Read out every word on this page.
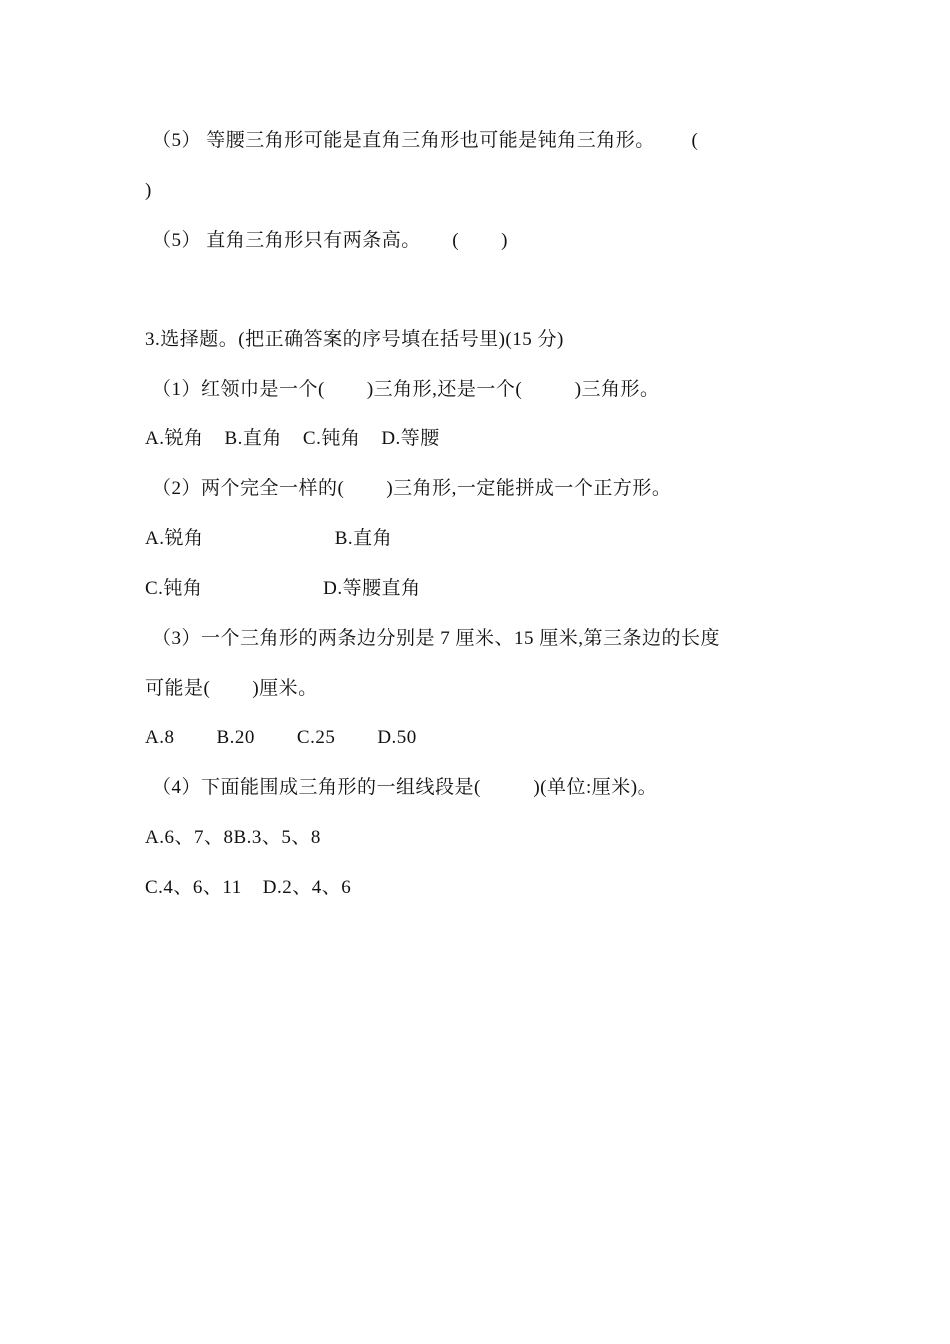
（5） 等腰三角形可能是直角三角形也可能是钝角三角形。       (
)
（5） 直角三角形只有两条高。      (        )
3.选择题。(把正确答案的序号填在括号里)(15 分)
（1）红领巾是一个(        )三角形,还是一个(          )三角形。
A.锐角    B.直角    C.钝角    D.等腰
（2）两个完全一样的(        )三角形,一定能拼成一个正方形。
A.锐角                         B.直角
C.钝角                       D.等腰直角
（3）一个三角形的两条边分别是 7 厘米、15 厘米,第三条边的长度
可能是(        )厘米。
A.8        B.20        C.25        D.50
（4）下面能围成三角形的一组线段是(          )(单位:厘米)。
A.6、7、8B.3、5、8
C.4、6、11    D.2、4、6
